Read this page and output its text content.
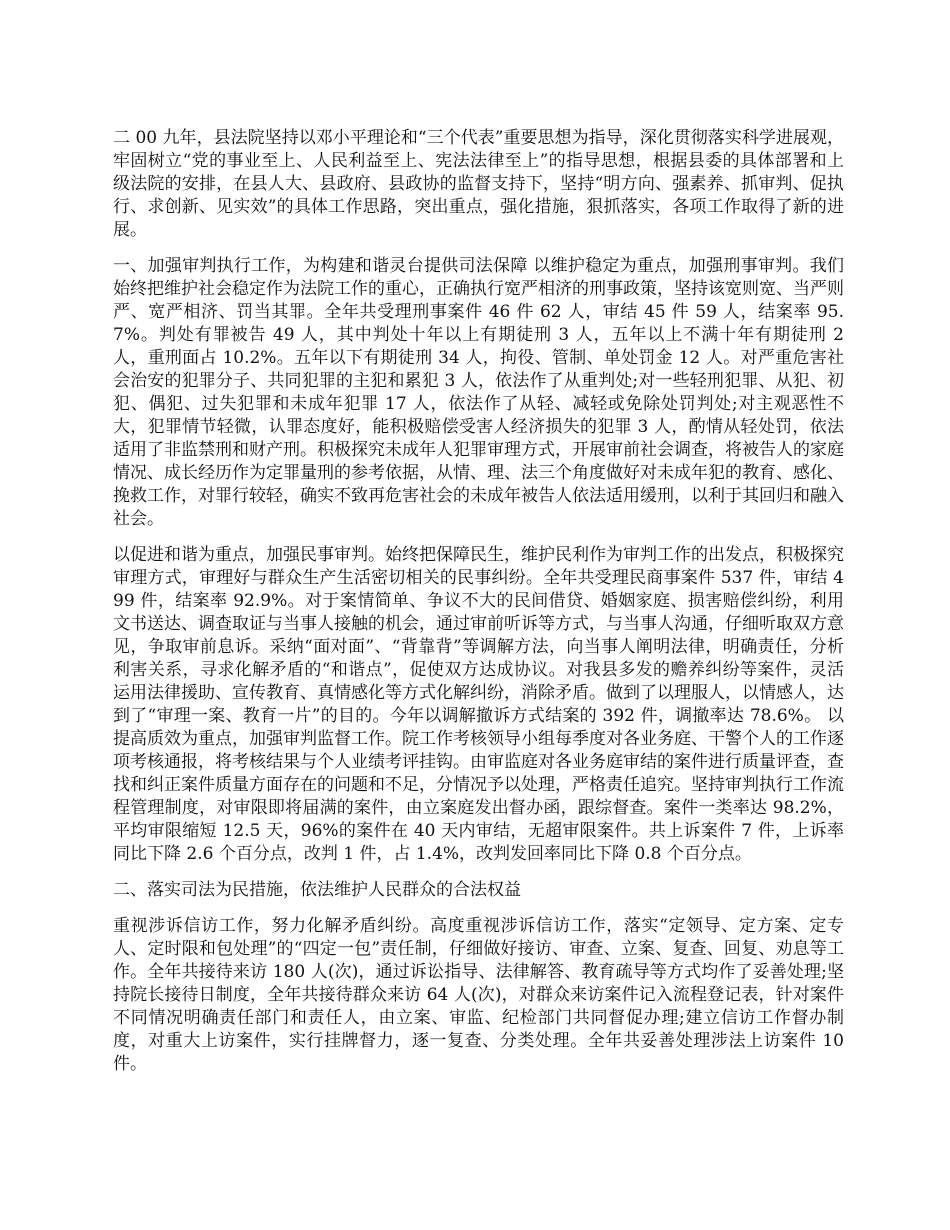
二 00 九年，县法院坚持以邓小平理论和“三个代表”重要思想为指导，深化贯彻落实科学进展观，牢固树立“党的事业至上、人民利益至上、宪法法律至上”的指导思想，根据县委的具体部署和上级法院的安排，在县人大、县政府、县政协的监督支持下，坚持“明方向、强素养、抓审判、促执行、求创新、见实效”的具体工作思路，突出重点，强化措施，狠抓落实，各项工作取得了新的进展。

一、加强审判执行工作，为构建和谐灵台提供司法保障 以维护稳定为重点，加强刑事审判。我们始终把维护社会稳定作为法院工作的重心，正确执行宽严相济的刑事政策，坚持该宽则宽、当严则严、宽严相济、罚当其罪。全年共受理刑事案件 46 件 62 人，审结 45 件 59 人，结案率 95.7%。判处有罪被告 49 人，其中判处十年以上有期徒刑 3 人，五年以上不满十年有期徒刑 2 人，重刑面占 10.2%。五年以下有期徒刑 34 人，拘役、管制、单处罚金 12 人。对严重危害社会治安的犯罪分子、共同犯罪的主犯和累犯 3 人，依法作了从重判处;对一些轻刑犯罪、从犯、初犯、偶犯、过失犯罪和未成年犯罪 17 人，依法作了从轻、减轻或免除处罚判处;对主观恶性不大，犯罪情节轻微，认罪态度好，能积极赔偿受害人经济损失的犯罪 3 人，酌情从轻处罚，依法适用了非监禁刑和财产刑。积极探究未成年人犯罪审理方式，开展审前社会调查，将被告人的家庭情况、成长经历作为定罪量刑的参考依据，从情、理、法三个角度做好对未成年犯的教育、感化、挽救工作，对罪行较轻，确实不致再危害社会的未成年被告人依法适用缓刑，以利于其回归和融入社会。

以促进和谐为重点，加强民事审判。始终把保障民生，维护民利作为审判工作的出发点，积极探究审理方式，审理好与群众生产生活密切相关的民事纠纷。全年共受理民商事案件 537 件，审结 499 件，结案率 92.9%。对于案情简单、争议不大的民间借贷、婚姻家庭、损害赔偿纠纷，利用文书送达、调查取证与当事人接触的机会，通过审前听诉等方式，与当事人沟通，仔细听取双方意见，争取审前息诉。采纳“面对面”、“背靠背”等调解方法，向当事人阐明法律，明确责任，分析利害关系，寻求化解矛盾的“和谐点”，促使双方达成协议。对我县多发的赡养纠纷等案件，灵活运用法律援助、宣传教育、真情感化等方式化解纠纷，消除矛盾。做到了以理服人，以情感人，达到了“审理一案、教育一片”的目的。今年以调解撤诉方式结案的 392 件，调撤率达 78.6%。 以提高质效为重点，加强审判监督工作。院工作考核领导小组每季度对各业务庭、干警个人的工作逐项考核通报，将考核结果与个人业绩考评挂钩。由审监庭对各业务庭审结的案件进行质量评查，查找和纠正案件质量方面存在的问题和不足，分情况予以处理，严格责任追究。坚持审判执行工作流程管理制度，对审限即将届满的案件，由立案庭发出督办函，跟综督查。案件一类率达 98.2%，平均审限缩短 12.5 天，96%的案件在 40 天内审结，无超审限案件。共上诉案件 7 件，上诉率同比下降 2.6 个百分点，改判 1 件，占 1.4%，改判发回率同比下降 0.8 个百分点。

二、落实司法为民措施，依法维护人民群众的合法权益

重视涉诉信访工作，努力化解矛盾纠纷。高度重视涉诉信访工作，落实“定领导、定方案、定专人、定时限和包处理”的“四定一包”责任制，仔细做好接访、审查、立案、复查、回复、劝息等工作。全年共接待来访 180 人(次)，通过诉讼指导、法律解答、教育疏导等方式均作了妥善处理;坚持院长接待日制度，全年共接待群众来访 64 人(次)，对群众来访案件记入流程登记表，针对案件不同情况明确责任部门和责任人，由立案、审监、纪检部门共同督促办理;建立信访工作督办制度，对重大上访案件，实行挂牌督力，逐一复查、分类处理。全年共妥善处理涉法上访案件 10 件。
